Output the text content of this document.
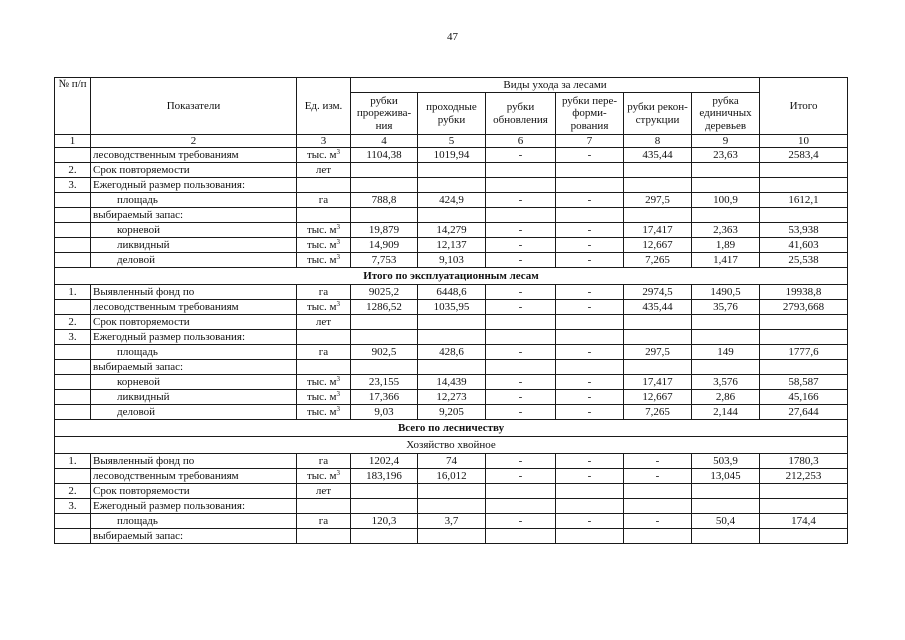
47
№ п/п	Показатели	Ед. изм.	Виды ухода за лесами						Итого
			рубки прорежива-ния	проходные рубки	рубки обновления	рубки пере-форми-рования	рубки рекон-струкции	рубка единичных деревьев	
1	2	3	4	5	6	7	8	9	10
	лесоводственным требованиям	тыс. $м^3$	1104,38	1019,94	-	-	435,44	23,63	2583,4
2.	Срок повторяемости	лет							
3.	Ежегодный размер пользования:								
	площадь	га	788,8	424,9	-	-	297,5	100,9	1612,1
	выбираемый запас:								
	корневой	тыс. $м^3$	19,879	14,279	-	-	17,417	2,363	53,938
	ликвидный	тыс. $м^3$	14,909	12,137	-	-	12,667	1,89	41,603
	деловой	тыс. $м^3$	7,753	9,103	-	-	7,265	1,417	25,538
Итого по эксплуатационным лесам									
1.	Выявленный фонд по	га	9025,2	6448,6	-	-	2974,5	1490,5	19938,8
	лесоводственным требованиям	тыс. $м^3$	1286,52	1035,95	-	-	435,44	35,76	2793,668
2.	Срок повторяемости	лет							
3.	Ежегодный размер пользования:								
	площадь	га	902,5	428,6	-	-	297,5	149	1777,6
	выбираемый запас:								
	корневой	тыс. $м^3$	23,155	14,439	-	-	17,417	3,576	58,587
	ликвидный	тыс. $м^3$	17,366	12,273	-	-	12,667	2,86	45,166
	деловой	тыс. $м^3$	9,03	9,205	-	-	7,265	2,144	27,644
Всего по лесничеству									
Хозяйство хвойное									
1.	Выявленный фонд по	га	1202,4	74	-	-	-	503,9	1780,3
	лесоводственным требованиям	тыс. $м^3$	183,196	16,012	-	-	-	13,045	212,253
2.	Срок повторяемости	лет							
3.	Ежегодный размер пользования:								
	площадь	га	120,3	3,7	-	-	-	50,4	174,4
	выбираемый запас:								
